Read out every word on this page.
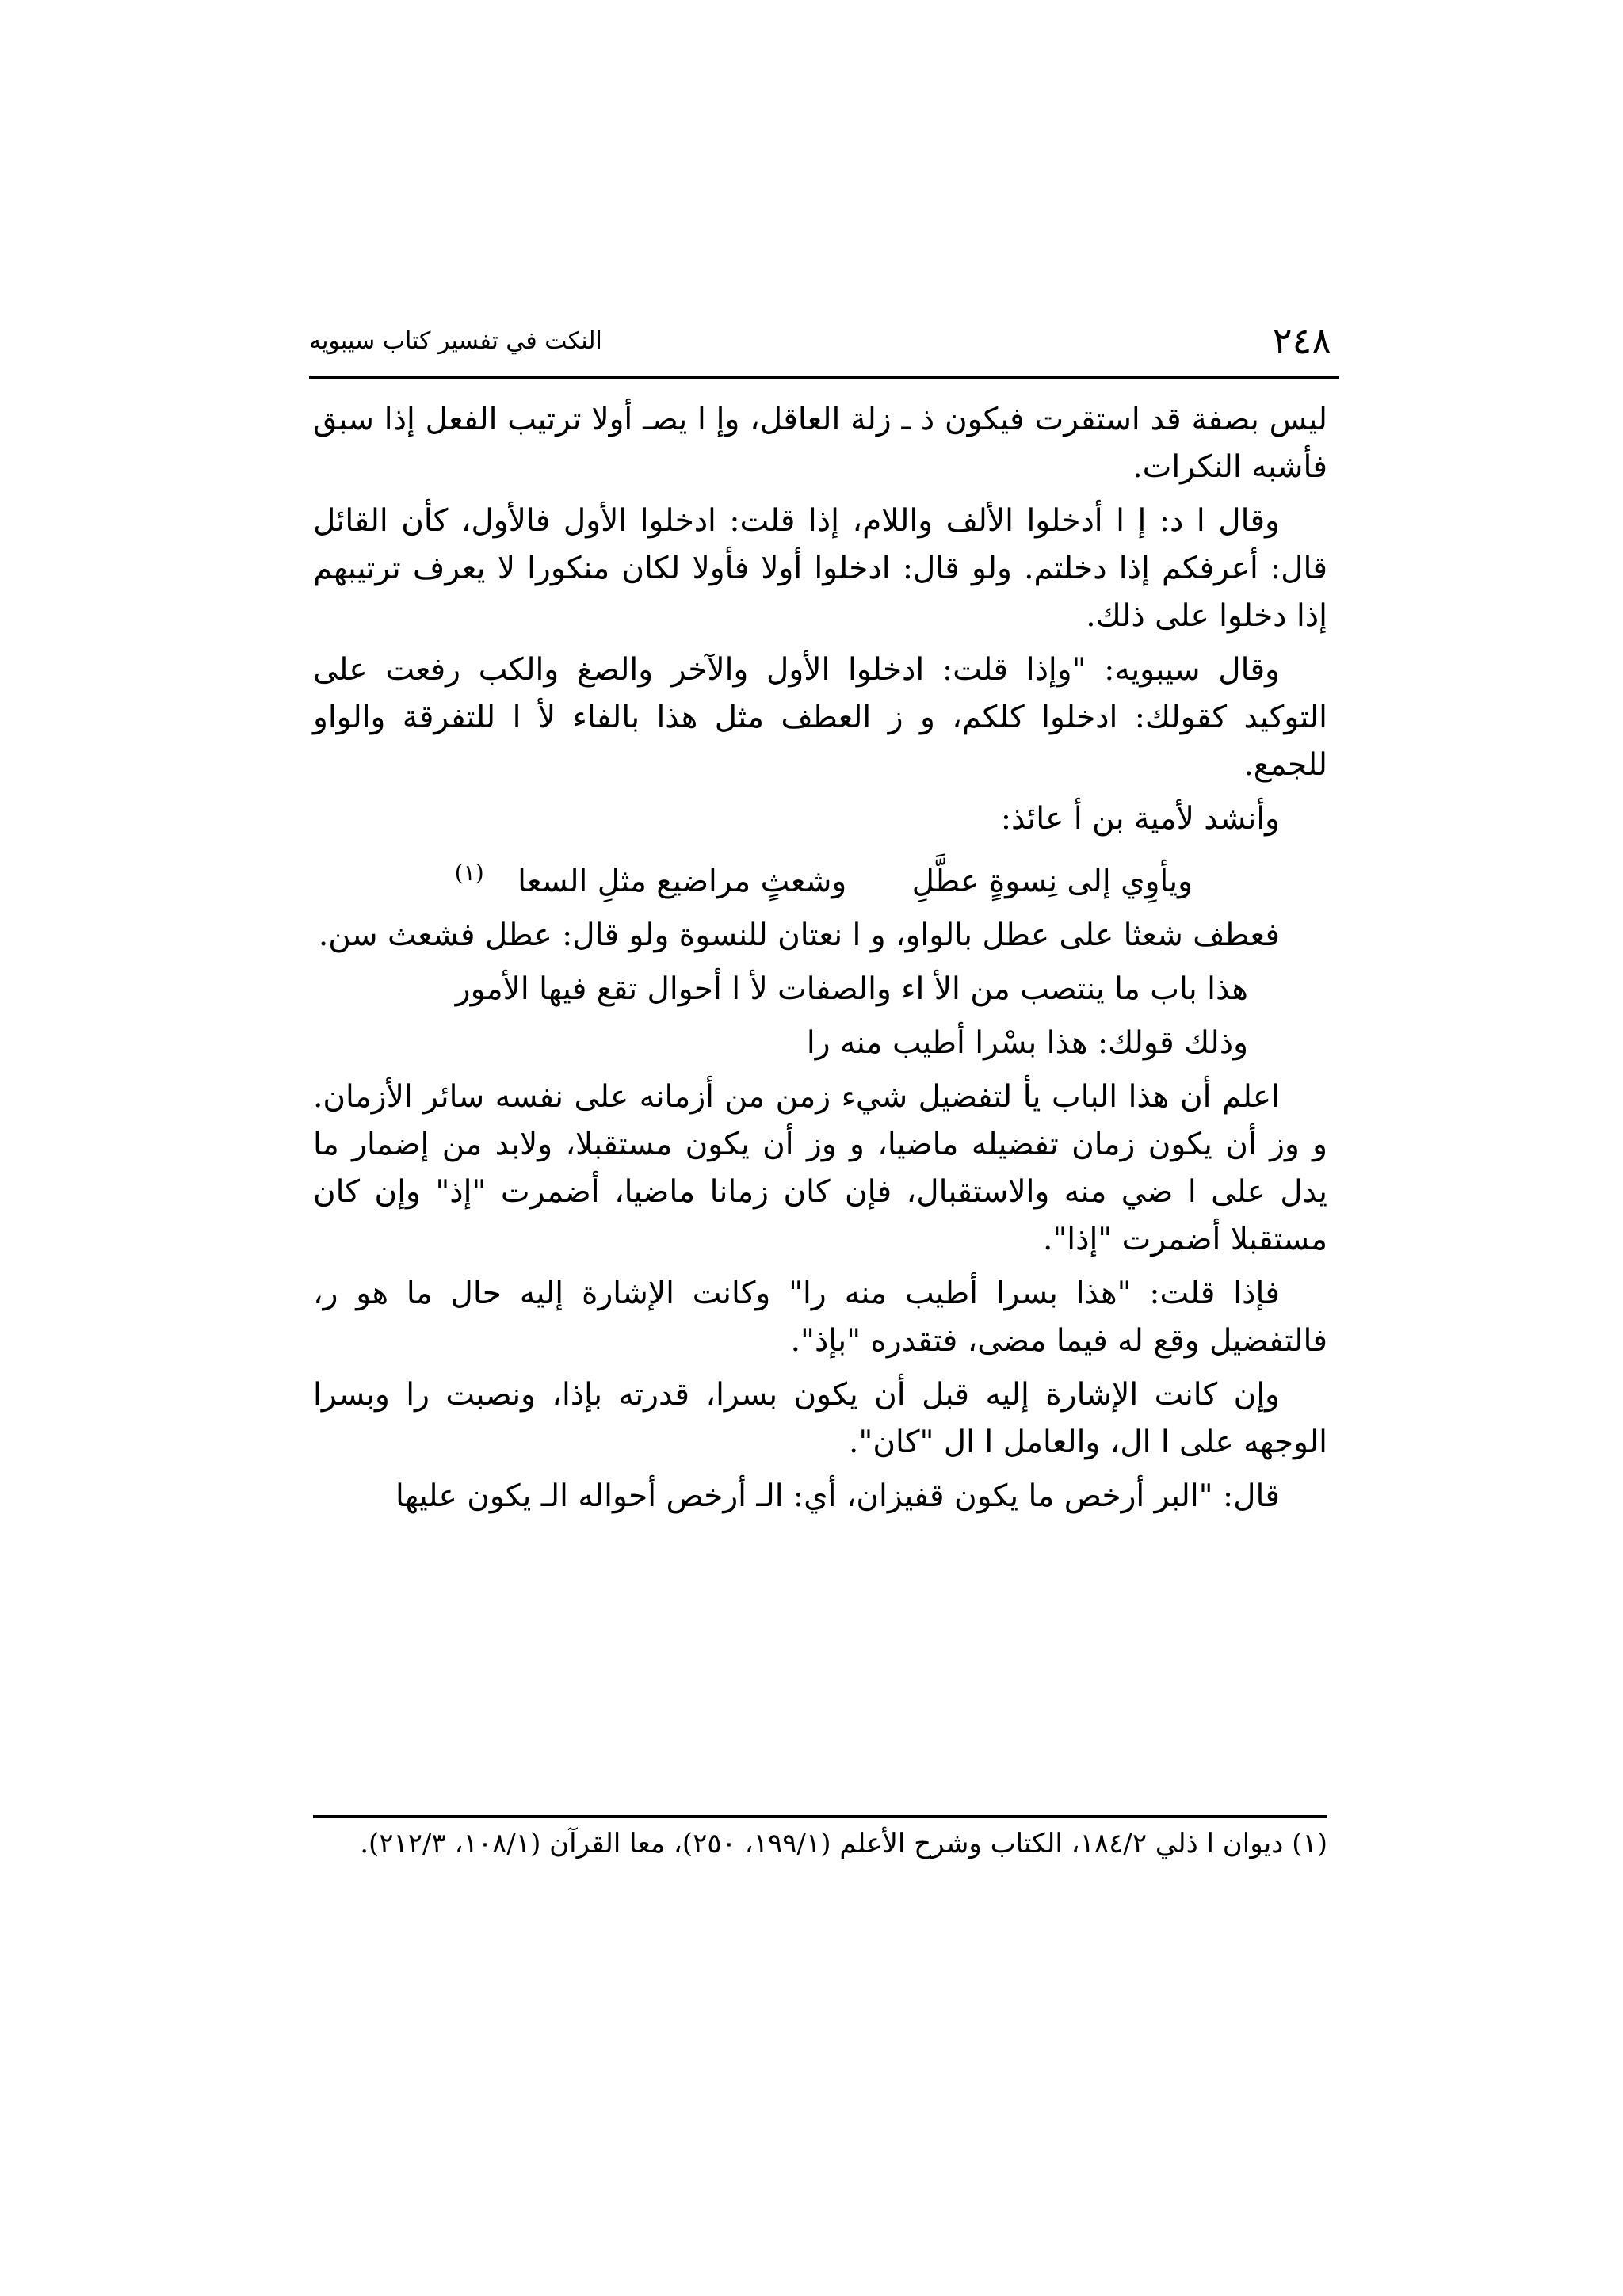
٢٤٨
النكت في تفسير كتاب سيبويه

ليس بصفة قد استقرت فيكون ذ ـ زلة العاقل، وإ ا يصـ أولا ترتيب الفعل إذا سبق فأشبه النكرات.

وقال ا د: إ ا أدخلوا الألف واللام، إذا قلت: ادخلوا الأول فالأول، كأن القائل قال: أعرفكم إذا دخلتم. ولو قال: ادخلوا أولا فأولا لكان منكورا لا يعرف ترتيبهم إذا دخلوا على ذلك.

وقال سيبويه: "وإذا قلت: ادخلوا الأول والآخر والصغ والكب رفعت على التوكيد كقولك: ادخلوا كلكم، و ز العطف مثل هذا بالفاء لأ ا للتفرقة والواو للجمع.

وأنشد لأمية بن أ عائذ:

ويأوِي إلى نِسوةٍ عطَّلِ وشعثٍ مراضيع مثلِ السعا (١)

فعطف شعثا على عطل بالواو، و ا نعتان للنسوة ولو قال: عطل فشعث سن.

هذا باب ما ينتصب من الأ اء والصفات لأ ا أحوال تقع فيها الأمور

وذلك قولك: هذا بسْرا أطيب منه را

اعلم أن هذا الباب يأ لتفضيل شيء زمن من أزمانه على نفسه سائر الأزمان. و وز أن يكون زمان تفضيله ماضيا، و وز أن يكون مستقبلا، ولابد من إضمار ما يدل على ا ضي منه والاستقبال، فإن كان زمانا ماضيا، أضمرت "إذ" وإن كان مستقبلا أضمرت "إذا".

فإذا قلت: "هذا بسرا أطيب منه را" وكانت الإشارة إليه حال ما هو ر، فالتفضيل وقع له فيما مضى، فتقدره "بإذ".

وإن كانت الإشارة إليه قبل أن يكون بسرا، قدرته بإذا، ونصبت را وبسرا الوجهه على ا ال، والعامل ا ال "كان".

قال: "البر أرخص ما يكون قفيزان، أي: الـ أرخص أحواله الـ يكون عليها

(١) ديوان ا ذلي ١٨٤/٢، الكتاب وشرح الأعلم (١٩٩/١، ٢٥٠)، معا القرآن (١٠٨/١، ٢١٢/٣).
